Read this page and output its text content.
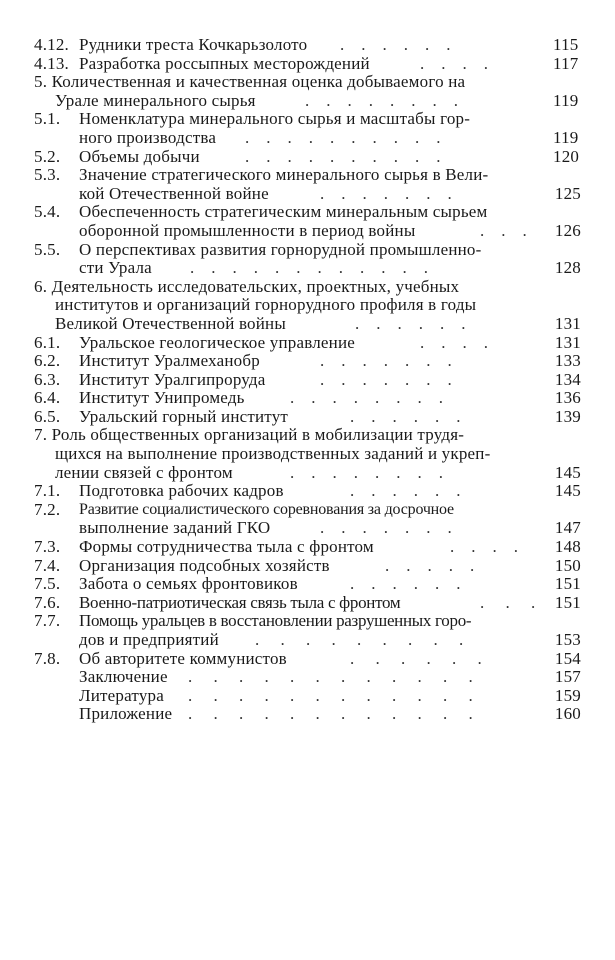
4.12. Рудники треста Кочкарьзолото .    .    .    .    .    .	115
4.13. Разработка россыпных месторождений	.    .    .    .	117
5. Количественная и качественная оценка добываемого на
Урале минерального сырья	.    .    .    .    .    .    .    .	119
5.1. Номенклатура минерального сырья и масштабы гор-
ного производства .    .    .    .    .    .    .    .    .    .	119
5.2. Объемы добычи	.    .    .    .    .    .    .    .    .    .	120
5.3. Значение стратегического минерального сырья в Вели-
кой Отечественной войне	.    .    .    .    .    .    .	125
5.4. Обеспеченность стратегическим минеральным сырьем
оборонной промышленности в период войны	.    .    .	126
5.5. О перспективах развития горнорудной промышленно-
сти Урала .    .    .    .    .    .    .    .    .    .    .    .	128
6. Деятельность исследовательских, проектных, учебных
институтов и организаций горнорудного профиля в годы
Великой Отечественной войны	.    .    .    .    .    .	131
6.1. Уральское геологическое управление	.    .    .    .	131
6.2. Институт Уралмеханобр	.    .    .    .    .    .    .	133
6.3. Институт Уралгипроруда	.    .    .    .    .    .    .	134
6.4. Институт Унипромедь	.    .    .    .    .    .    .    .	136
6.5. Уральский горный институт	.    .    .    .    .    .	139
7. Роль общественных организаций в мобилизации трудя-
щихся на выполнение производственных заданий и укреп-
лении связей с фронтом	.    .    .    .    .    .    .    .	145
7.1. Подготовка рабочих кадров	.    .    .    .    .    .	145
7.2. Развитие социалистического соревнования за досрочное
выполнение заданий ГКО	.    .    .    .    .    .    .	147
7.3. Формы сотрудничества тыла с фронтом	.    .    .    .	148
7.4. Организация подсобных хозяйств	.    .    .    .    .	150
7.5. Забота о семьях фронтовиков	.    .    .    .    .    .	151
7.6. Военно-патриотическая связь тыла с фронтом	.     .     .	151
7.7. Помощь уральцев в восстановлении разрушенных горо-
дов и предприятий .     .     .     .     .     .     .     .     .	153
7.8. Об авторитете коммунистов	.     .     .     .     .     .	154
Заключение .     .     .     .     .     .     .     .     .     .     .     .	157
Литература .     .     .     .     .     .     .     .     .     .     .     .	159
Приложение .     .     .     .     .     .     .     .     .     .     .     .	160
